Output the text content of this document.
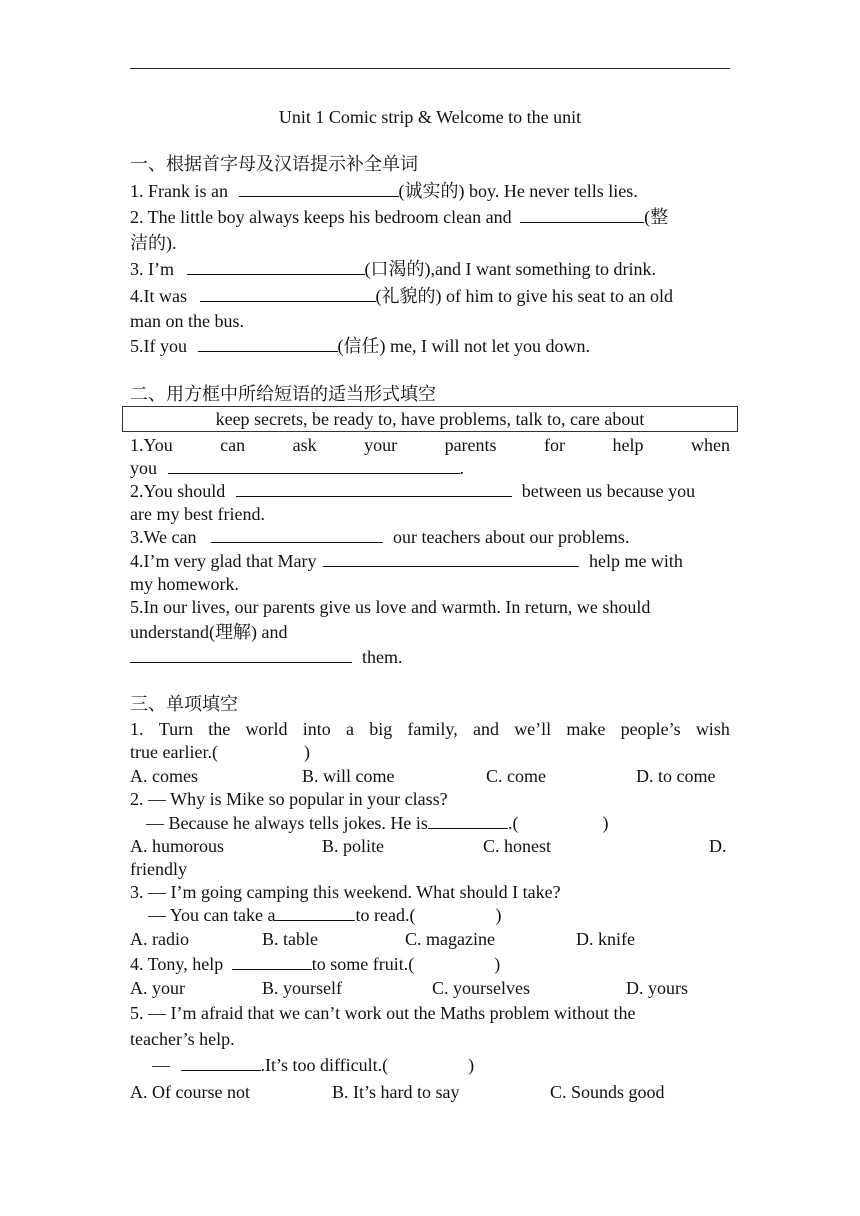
Unit 1 Comic strip & Welcome to the unit
一、根据首字母及汉语提示补全单词
1. Frank is an	(诚实的) boy. He never tells lies.
2. The little boy always keeps his bedroom clean and	(整
洁的).
3. I’m	(口渴的),and I want something to drink.
4.It was	(礼貌的) of him to give his seat to an old
man on the bus.
5.If you	(信任) me, I will not let you down.
二、用方框中所给短语的适当形式填空
keep secrets, be ready to, have problems, talk to, care about
1.You	can	ask	your	parents	for	help	when
you	.
2.You should	between us because you
are my best friend.
3.We can	our teachers about our problems.
4.I’m very glad that Mary	help me with
my homework.
5.In our lives, our parents give us love and warmth. In return, we should
understand(理解) and
them.
三、单项填空
1. Turn the world into a big family, and we’ll make people’s wish
true earlier.(	)
A. comes	B. will come	C. come	D. to come
2. — Why is Mike so popular in your class?
— Because he always tells jokes. He is	.(	)
A. humorous	B. polite	C. honest	D.
friendly
3. — I’m going camping this weekend. What should I take?
— You can take a	to read.(	)
A. radio	B. table	C. magazine	D. knife
4. Tony, help	to some fruit.(	)
A. your	B. yourself	C. yourselves	D. yours
5. — I’m afraid that we can’t work out the Maths problem without the
teacher’s help.
—	.It’s too difficult.(	)
A. Of course not	B. It’s hard to say	C. Sounds good
